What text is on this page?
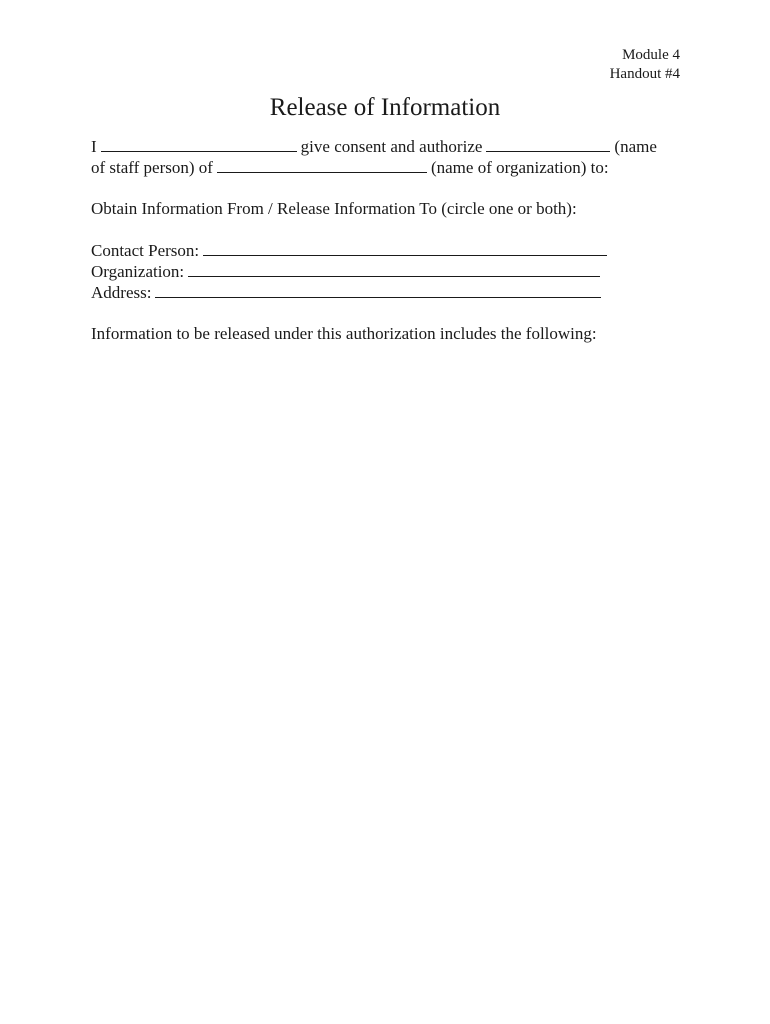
Module 4
Handout #4
Release of Information
I	give consent and authorize	(name
of staff person) of	(name of organization) to:
Obtain Information From / Release Information To (circle one or both):
Contact Person:
Organization:
Address:
Information to be released under this authorization includes the following:
